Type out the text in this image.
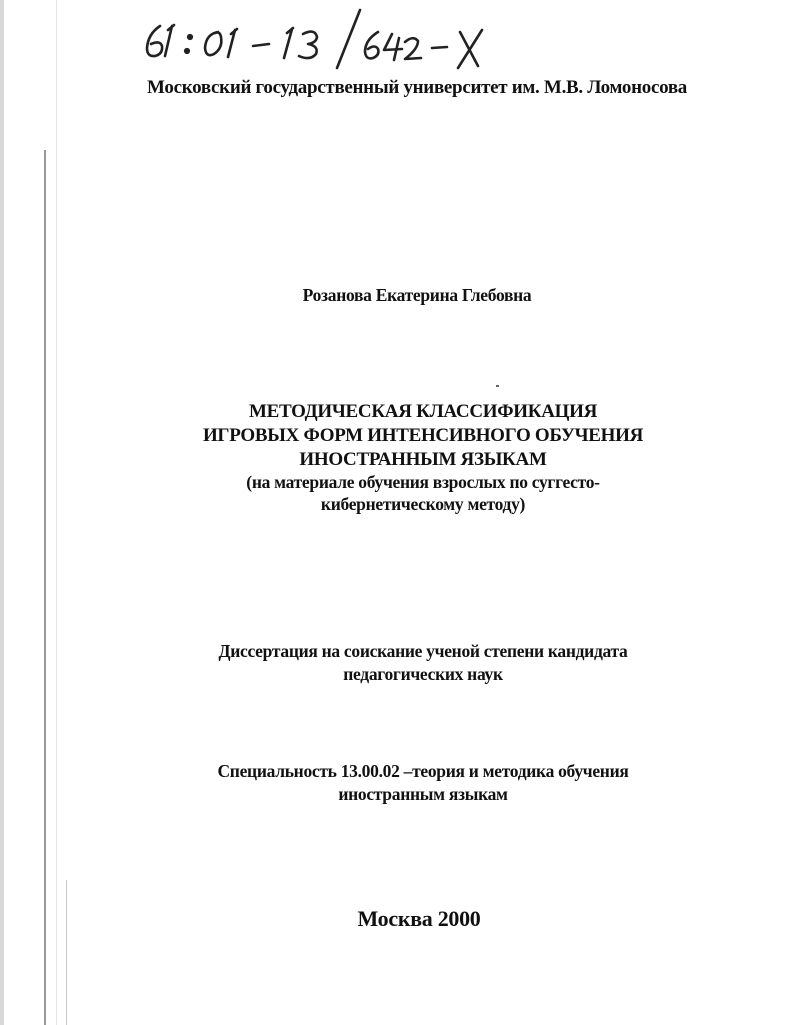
Московский государственный университет им. М.В. Ломоносова
Розанова Екатерина Глебовна
МЕТОДИЧЕСКАЯ КЛАССИФИКАЦИЯ
ИГРОВЫХ ФОРМ ИНТЕНСИВНОГО ОБУЧЕНИЯ
ИНОСТРАННЫМ ЯЗЫКАМ
(на материале обучения взрослых по суггесто-
кибернетическому методу)
Диссертация на соискание ученой степени кандидата
педагогических наук
Специальность 13.00.02 –теория и методика обучения
иностранным языкам
Москва 2000
